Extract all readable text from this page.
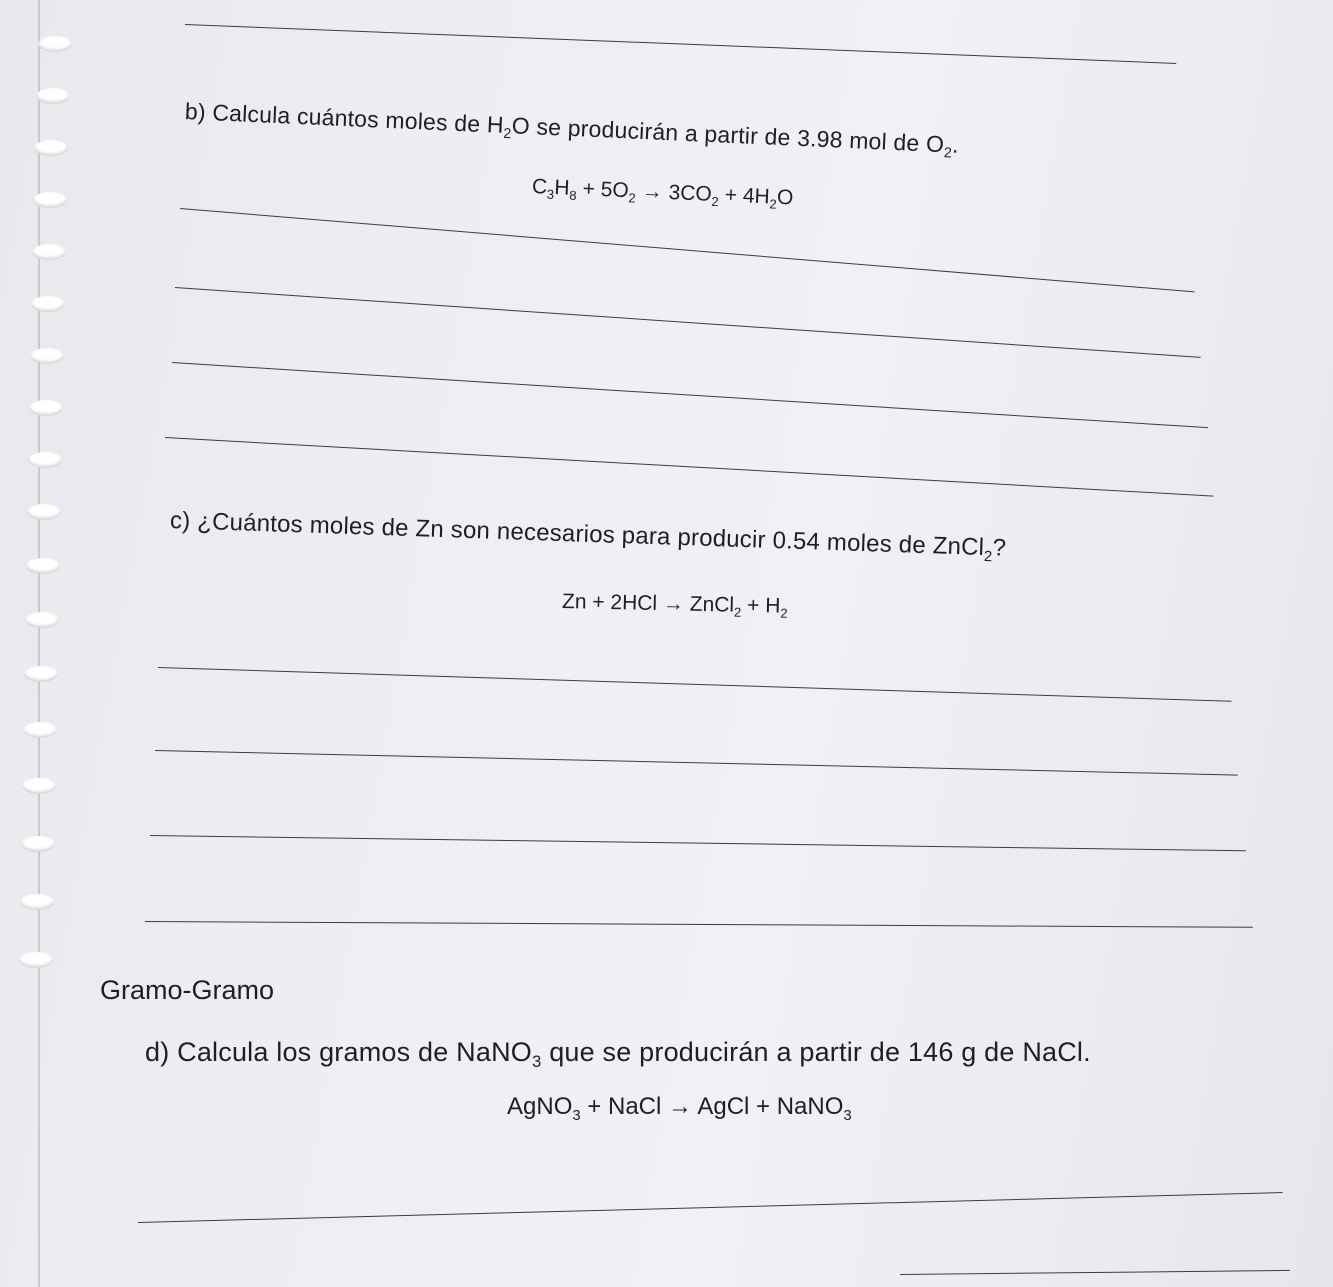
b) Calcula cuántos moles de $H_2O$ se producirán a partir de 3.98 mol de $O_2$.
$C_3H_8 + 5O_2 \to 3CO_2 + 4H_2O$
c) ¿Cuántos moles de Zn son necesarios para producir 0.54 moles de ZnCl$_2$?
Zn + 2HCl → ZnCl$_2$ + $H_2$
Gramo-Gramo
d) Calcula los gramos de NaNO$_3$ que se producirán a partir de 146 g de NaCl.
AgNO$_3$ + NaCl → AgCl + NaNO$_3$
